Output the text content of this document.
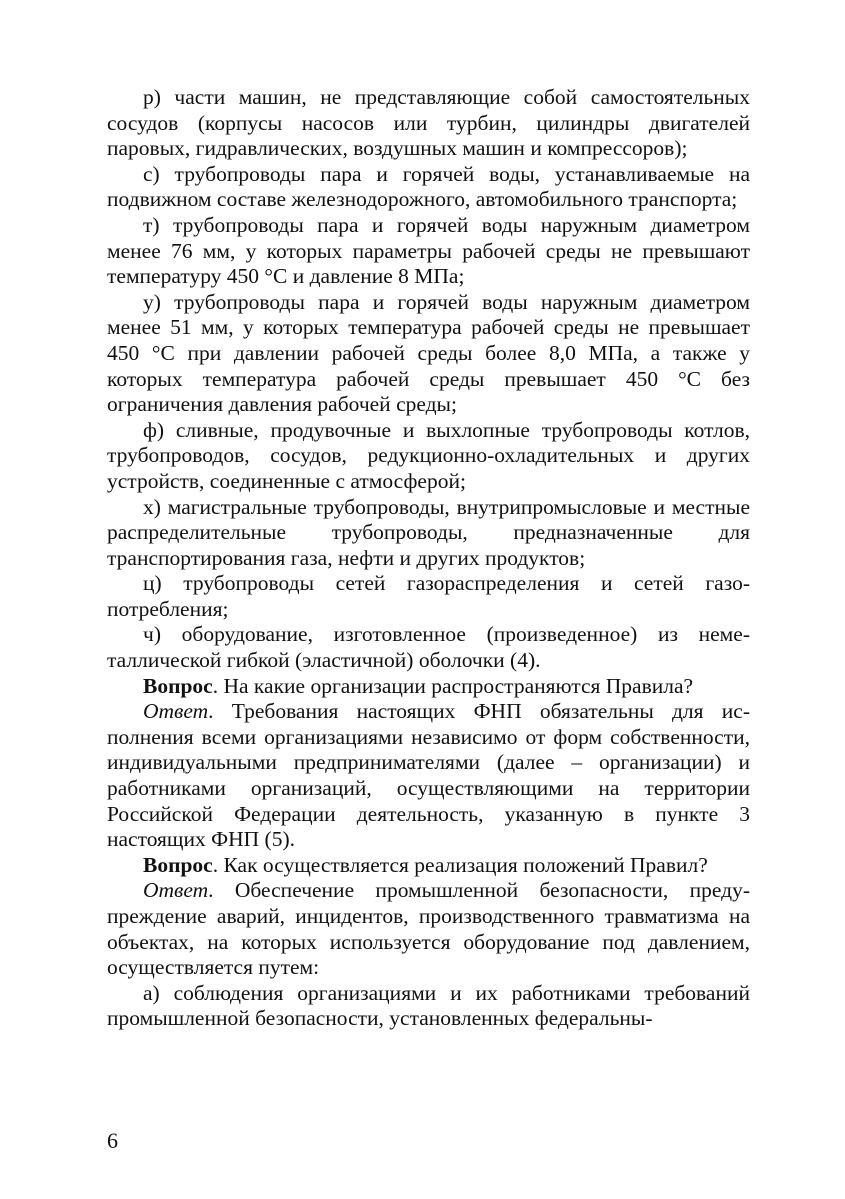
р) части машин, не представляющие собой самостоятельных сосудов (корпусы насосов или турбин, цилиндры двигателей паровых, гидравлических, воздушных машин и компрессоров);

с) трубопроводы пара и горячей воды, устанавливаемые на подвижном составе железнодорожного, автомобильного транспорта;

т) трубопроводы пара и горячей воды наружным диаметром менее 76 мм, у которых параметры рабочей среды не превышают температуру 450 °С и давление 8 МПа;

у) трубопроводы пара и горячей воды наружным диаметром менее 51 мм, у которых температура рабочей среды не превышает 450 °С при давлении рабочей среды более 8,0 МПа, а также у которых температура рабочей среды превышает 450 °С без ограничения давления рабочей среды;

ф) сливные, продувочные и выхлопные трубопроводы котлов, трубопроводов, сосудов, редукционно-охладительных и других устройств, соединенные с атмосферой;

х) магистральные трубопроводы, внутрипромысловые и местные распределительные трубопроводы, предназначенные для транспортирования газа, нефти и других продуктов;

ц) трубопроводы сетей газораспределения и сетей газопотребления;

ч) оборудование, изготовленное (произведенное) из неметаллической гибкой (эластичной) оболочки (4).

Вопрос. На какие организации распространяются Правила?

Ответ. Требования настоящих ФНП обязательны для исполнения всеми организациями независимо от форм собственности, индивидуальными предпринимателями (далее – организации) и работниками организаций, осуществляющими на территории Российской Федерации деятельность, указанную в пункте 3 настоящих ФНП (5).

Вопрос. Как осуществляется реализация положений Правил?

Ответ. Обеспечение промышленной безопасности, предупреждение аварий, инцидентов, производственного травматизма на объектах, на которых используется оборудование под давлением, осуществляется путем:

а) соблюдения организациями и их работниками требований промышленной безопасности, установленных федеральны-

6
